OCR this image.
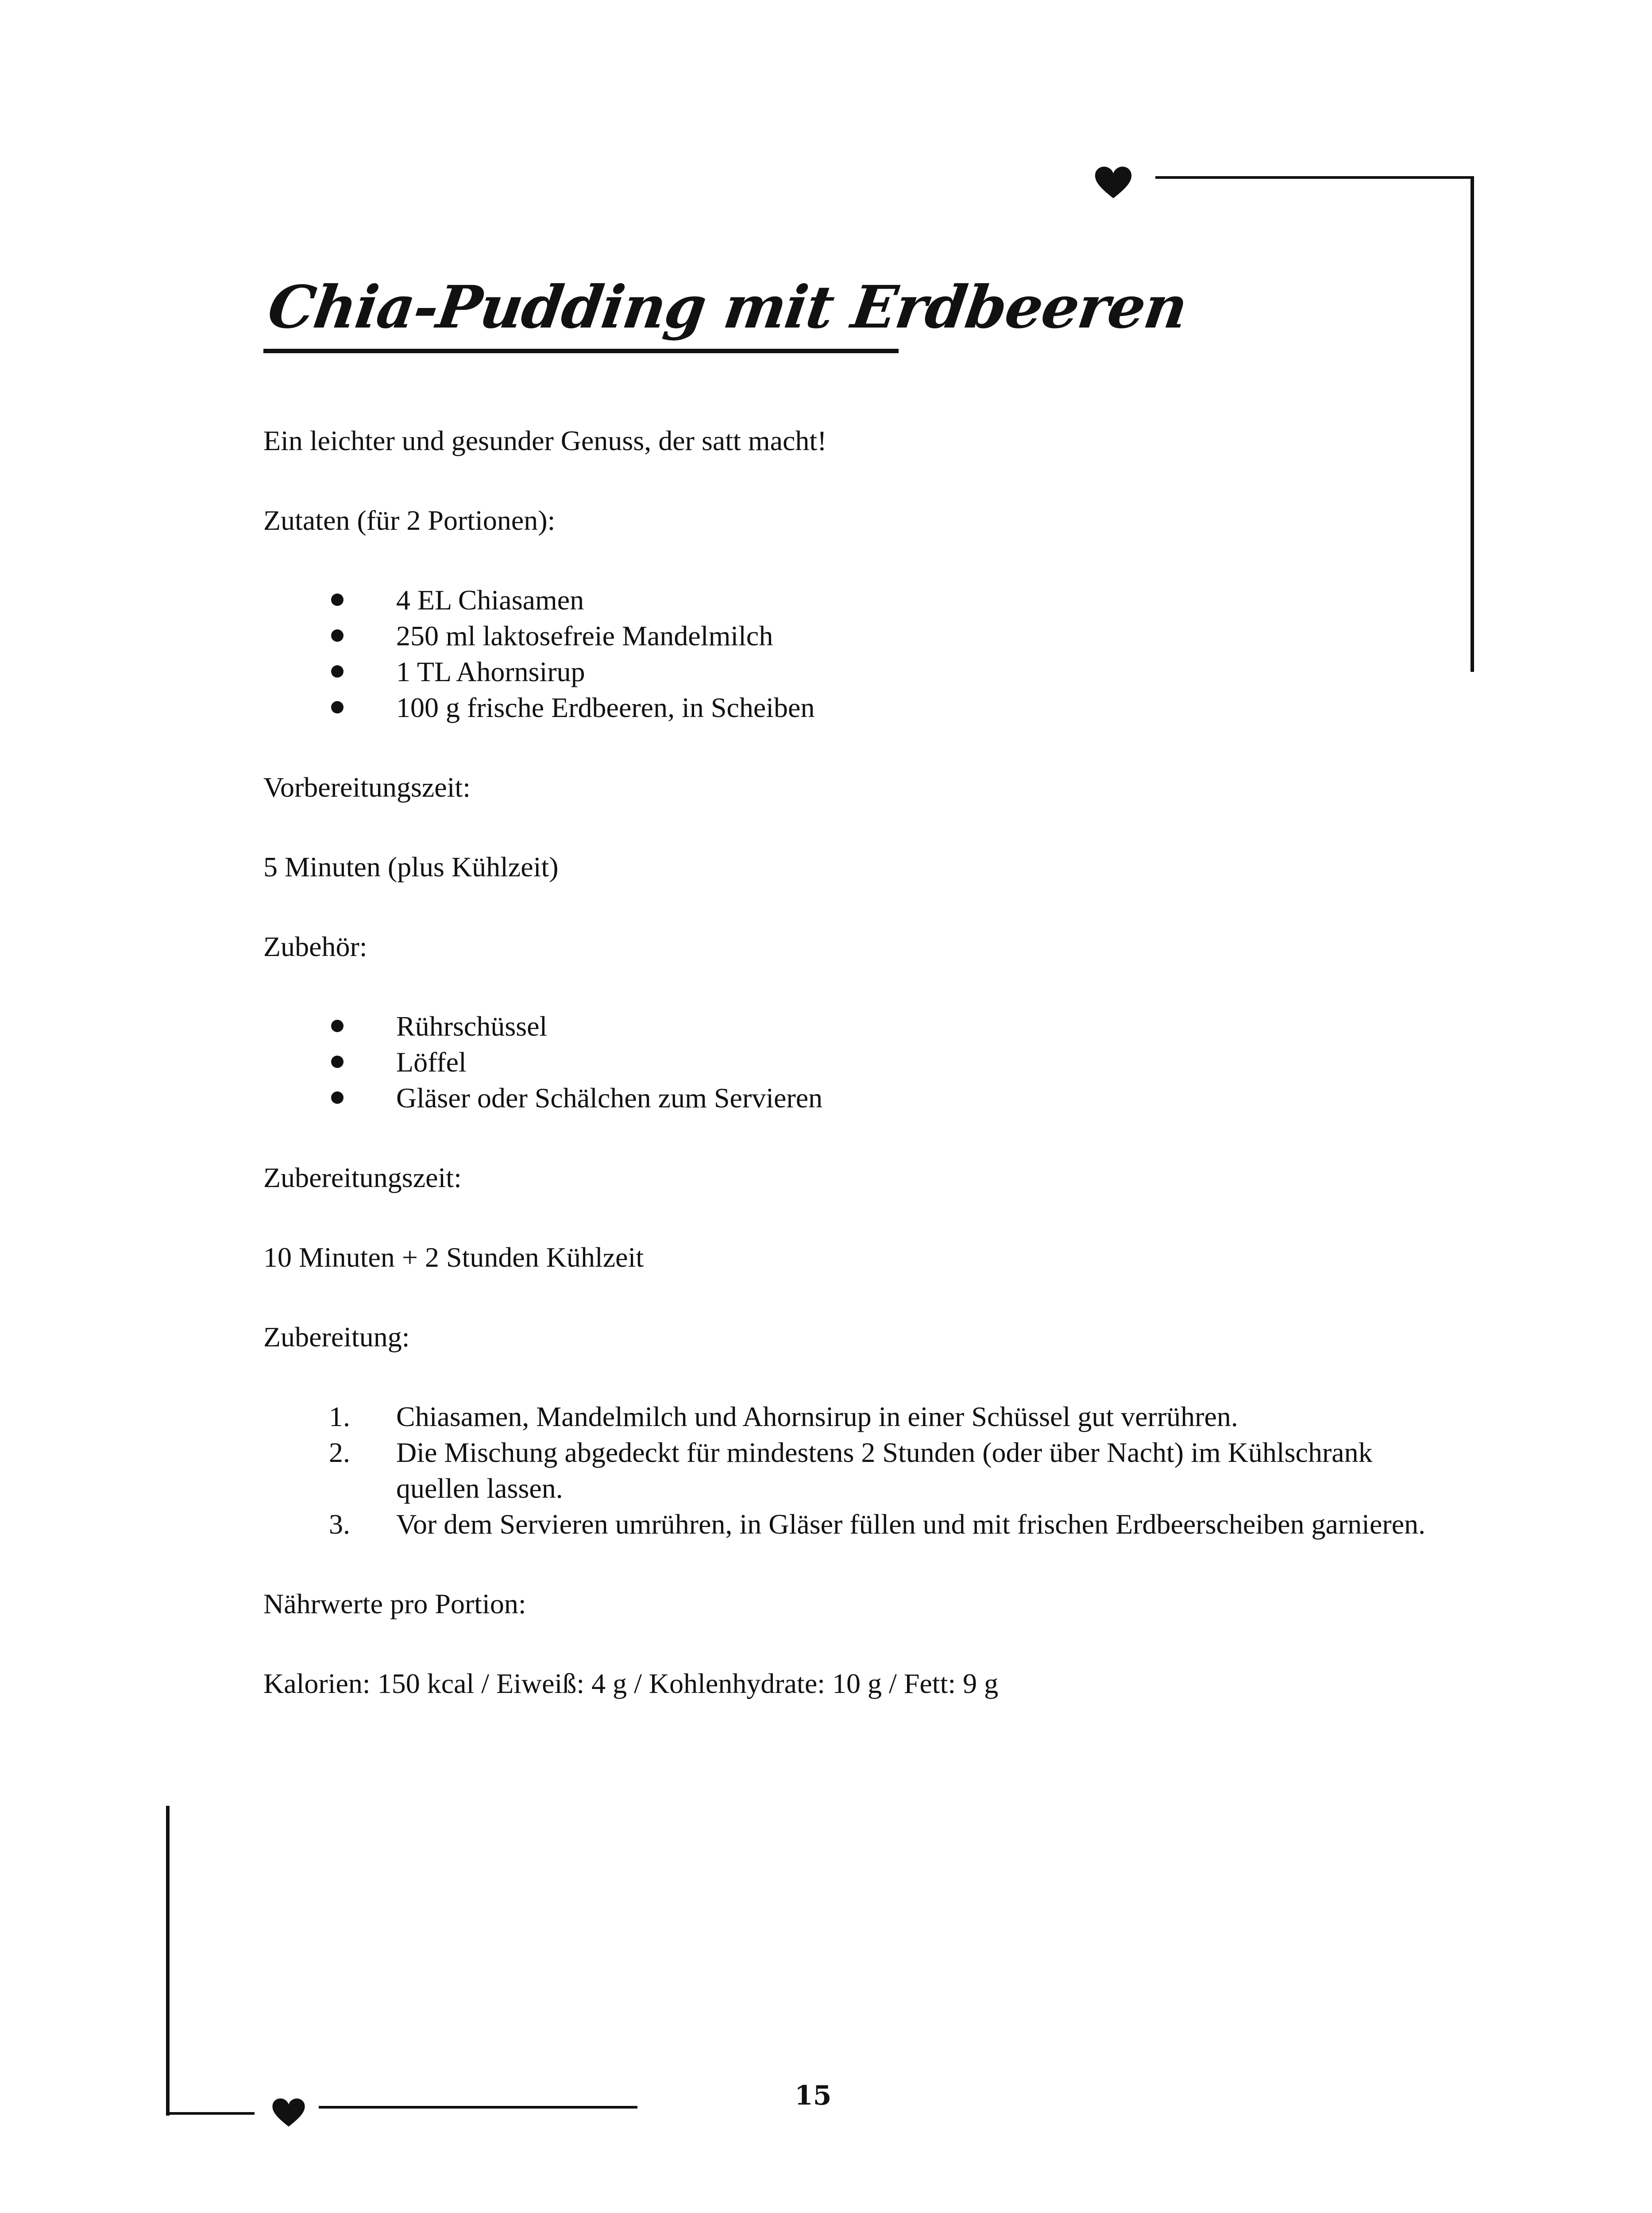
Chia-Pudding mit Erdbeeren

Ein leichter und gesunder Genuss, der satt macht!

Zutaten (für 2 Portionen):

4 EL Chiasamen
250 ml laktosefreie Mandelmilch
1 TL Ahornsirup
100 g frische Erdbeeren, in Scheiben

Vorbereitungszeit:

5 Minuten (plus Kühlzeit)

Zubehör:

Rührschüssel
Löffel
Gläser oder Schälchen zum Servieren

Zubereitungszeit:

10 Minuten + 2 Stunden Kühlzeit

Zubereitung:

1. Chiasamen, Mandelmilch und Ahornsirup in einer Schüssel gut verrühren.
2. Die Mischung abgedeckt für mindestens 2 Stunden (oder über Nacht) im Kühlschrank quellen lassen.
3. Vor dem Servieren umrühren, in Gläser füllen und mit frischen Erdbeerscheiben garnieren.

Nährwerte pro Portion:

Kalorien: 150 kcal / Eiweiß: 4 g / Kohlenhydrate: 10 g / Fett: 9 g

15
